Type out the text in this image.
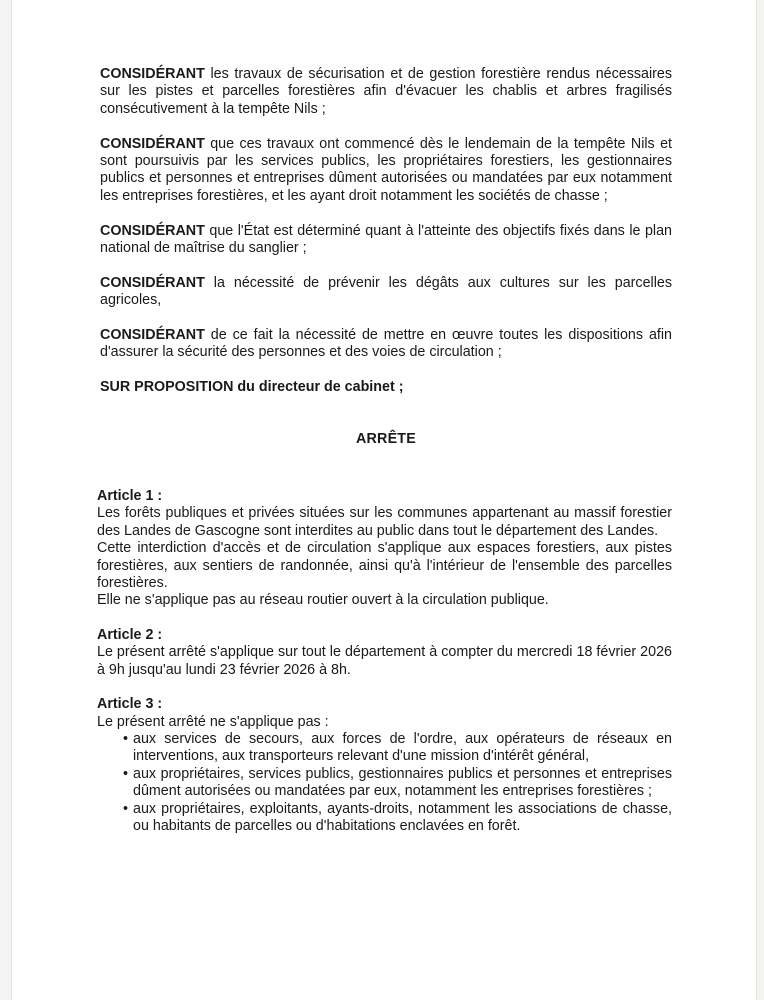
CONSIDÉRANT les travaux de sécurisation et de gestion forestière rendus nécessaires sur les pistes et parcelles forestières afin d'évacuer les chablis et arbres fragilisés consécutivement à la tempête Nils ;

CONSIDÉRANT que ces travaux ont commencé dès le lendemain de la tempête Nils et sont poursuivis par les services publics, les propriétaires forestiers, les gestionnaires publics et personnes et entreprises dûment autorisées ou mandatées par eux notamment les entreprises forestières, et les ayant droit notamment les sociétés de chasse ;

CONSIDÉRANT que l'État est déterminé quant à l'atteinte des objectifs fixés dans le plan national de maîtrise du sanglier ;

CONSIDÉRANT la nécessité de prévenir les dégâts aux cultures sur les parcelles agricoles,

CONSIDÉRANT de ce fait la nécessité de mettre en œuvre toutes les dispositions afin d'assurer la sécurité des personnes et des voies de circulation ;

SUR PROPOSITION du directeur de cabinet ;

ARRÊTE

Article 1 :

Les forêts publiques et privées situées sur les communes appartenant au massif forestier des Landes de Gascogne sont interdites au public dans tout le département des Landes.

Cette interdiction d'accès et de circulation s'applique aux espaces forestiers, aux pistes forestières, aux sentiers de randonnée, ainsi qu'à l'intérieur de l'ensemble des parcelles forestières.

Elle ne s'applique pas au réseau routier ouvert à la circulation publique.

Article 2 :

Le présent arrêté s'applique sur tout le département à compter du mercredi 18 février 2026 à 9h jusqu'au lundi 23 février 2026 à 8h.

Article 3 :

Le présent arrêté ne s'applique pas :

• aux services de secours, aux forces de l'ordre, aux opérateurs de réseaux en interventions, aux transporteurs relevant d'une mission d'intérêt général,
• aux propriétaires, services publics, gestionnaires publics et personnes et entreprises dûment autorisées ou mandatées par eux, notamment les entreprises forestières ;
• aux propriétaires, exploitants, ayants-droits, notamment les associations de chasse, ou habitants de parcelles ou d'habitations enclavées en forêt.
